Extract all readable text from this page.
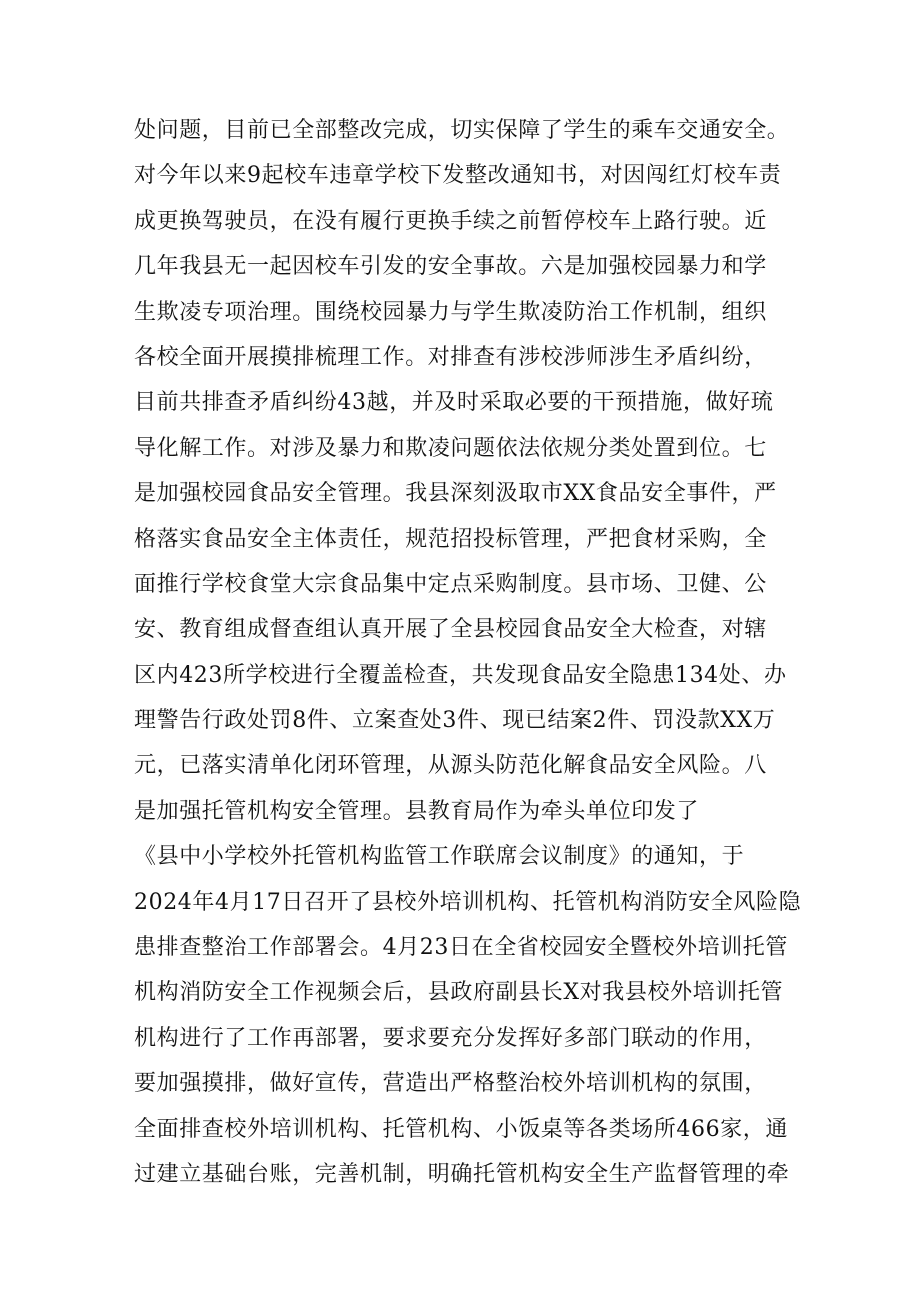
处问题，目前已全部整改完成，切实保障了学生的乘车交通安全。
对今年以来9起校车违章学校下发整改通知书，对因闯红灯校车责
成更换驾驶员，在没有履行更换手续之前暂停校车上路行驶。近
几年我县无一起因校车引发的安全事故。六是加强校园暴力和学
生欺凌专项治理。围绕校园暴力与学生欺凌防治工作机制，组织
各校全面开展摸排梳理工作。对排查有涉校涉师涉生矛盾纠纷，
目前共排查矛盾纠纷43越，并及时采取必要的干预措施，做好琉
导化解工作。对涉及暴力和欺凌问题依法依规分类处置到位。七
是加强校园食品安全管理。我县深刻汲取市XX食品安全事件，严
格落实食品安全主体责任，规范招投标管理，严把食材采购，全
面推行学校食堂大宗食品集中定点采购制度。县市场、卫健、公
安、教育组成督查组认真开展了全县校园食品安全大检查，对辖
区内423所学校进行全覆盖检查，共发现食品安全隐患134处、办
理警告行政处罚8件、立案查处3件、现已结案2件、罚没款XX万
元，已落实清单化闭环管理，从源头防范化解食品安全风险。八
是加强托管机构安全管理。县教育局作为牵头单位印发了
《县中小学校外托管机构监管工作联席会议制度》的通知，于
2024年4月17日召开了县校外培训机构、托管机构消防安全风险隐
患排查整治工作部署会。4月23日在全省校园安全暨校外培训托管
机构消防安全工作视频会后，县政府副县长X对我县校外培训托管
机构进行了工作再部署，要求要充分发挥好多部门联动的作用，
要加强摸排，做好宣传，营造出严格整治校外培训机构的氛围，
全面排查校外培训机构、托管机构、小饭桌等各类场所466家，通
过建立基础台账，完善机制，明确托管机构安全生产监督管理的牵
